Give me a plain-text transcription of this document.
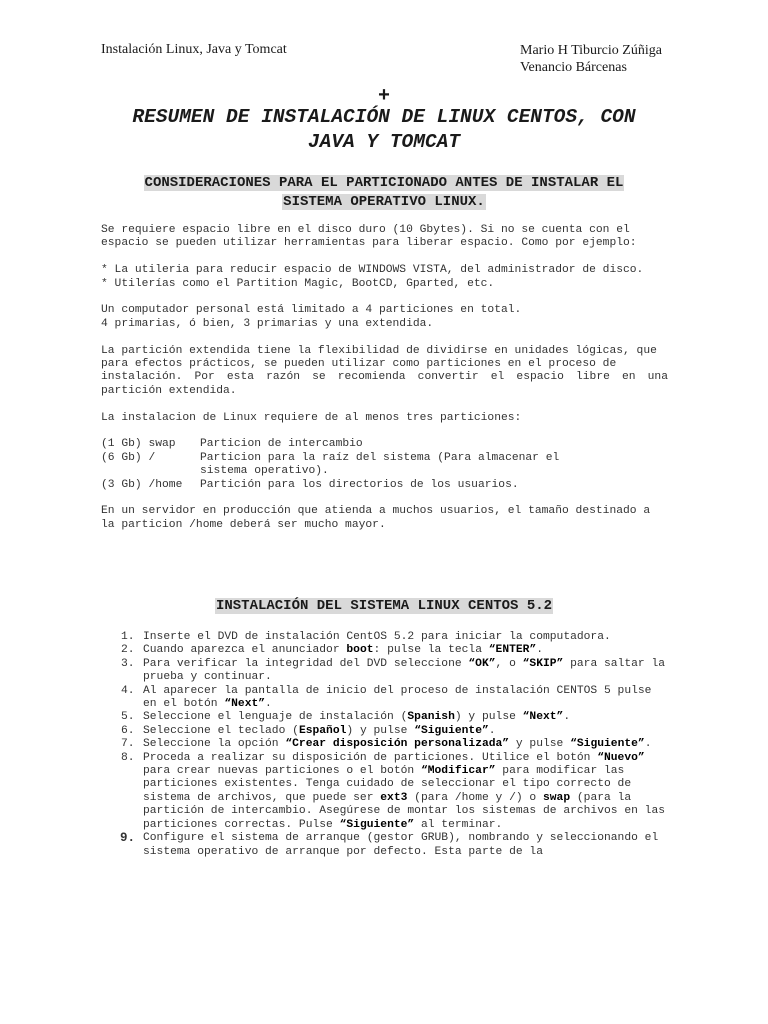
Instalación Linux, Java y Tomcat	Mario H Tiburcio Zúñiga
Venancio Bárcenas
+
RESUMEN DE INSTALACIÓN DE LINUX CENTOS, CON
JAVA Y TOMCAT
CONSIDERACIONES PARA EL PARTICIONADO ANTES DE INSTALAR EL
SISTEMA OPERATIVO LINUX.

Se requiere espacio libre en el disco duro (10 Gbytes). Si no se cuenta con el espacio se pueden utilizar herramientas para liberar espacio. Como por ejemplo:

* La utileria para reducir espacio de WINDOWS VISTA, del administrador de disco.

* Utilerías como el Partition Magic, BootCD, Gparted, etc.

Un computador personal está limitado a 4 particiones en total.

4 primarias, ó bien, 3 primarias y una extendida.

La partición extendida tiene la flexibilidad de dividirse en unidades lógicas, que para efectos prácticos, se pueden utilizar como particiones en el proceso de

instalación. Por esta razón se recomienda convertir el espacio libre en una partición extendida.

La instalacion de Linux requiere de al menos tres particiones:

(1 Gb) swap	Particion de intercambio
(6 Gb) /	Particion para la raíz del sistema (Para almacenar el sistema operativo).
(3 Gb) /home	Partición para los directorios de los usuarios.

En un servidor en producción que atienda a muchos usuarios, el tamaño destinado a la particion /home deberá ser mucho mayor.

INSTALACIÓN DEL SISTEMA LINUX CENTOS 5.2
1. Inserte el DVD de instalación CentOS 5.2 para iniciar la computadora.
2. Cuando aparezca el anunciador boot: pulse la tecla “ENTER”.
3. Para verificar la integridad del DVD seleccione “OK”, o “SKIP” para saltar la prueba y continuar.
4. Al aparecer la pantalla de inicio del proceso de instalación CENTOS 5 pulse en el botón “Next”.
5. Seleccione el lenguaje de instalación (Spanish) y pulse “Next”.
6. Seleccione el teclado (Español) y pulse “Siguiente”.
7. Seleccione la opción “Crear disposición personalizada” y pulse “Siguiente”.
8. Proceda a realizar su disposición de particiones. Utilice el botón “Nuevo” para crear nuevas particiones o el botón “Modificar” para modificar las particiones existentes. Tenga cuidado de seleccionar el tipo correcto de sistema de archivos, que puede ser ext3 (para /home y /) o swap (para la partición de intercambio. Asegúrese de montar los sistemas de archivos en las particiones correctas. Pulse “Siguiente” al terminar.
9. Configure el sistema de arranque (gestor GRUB), nombrando y seleccionando el sistema operativo de arranque por defecto. Esta parte de la
